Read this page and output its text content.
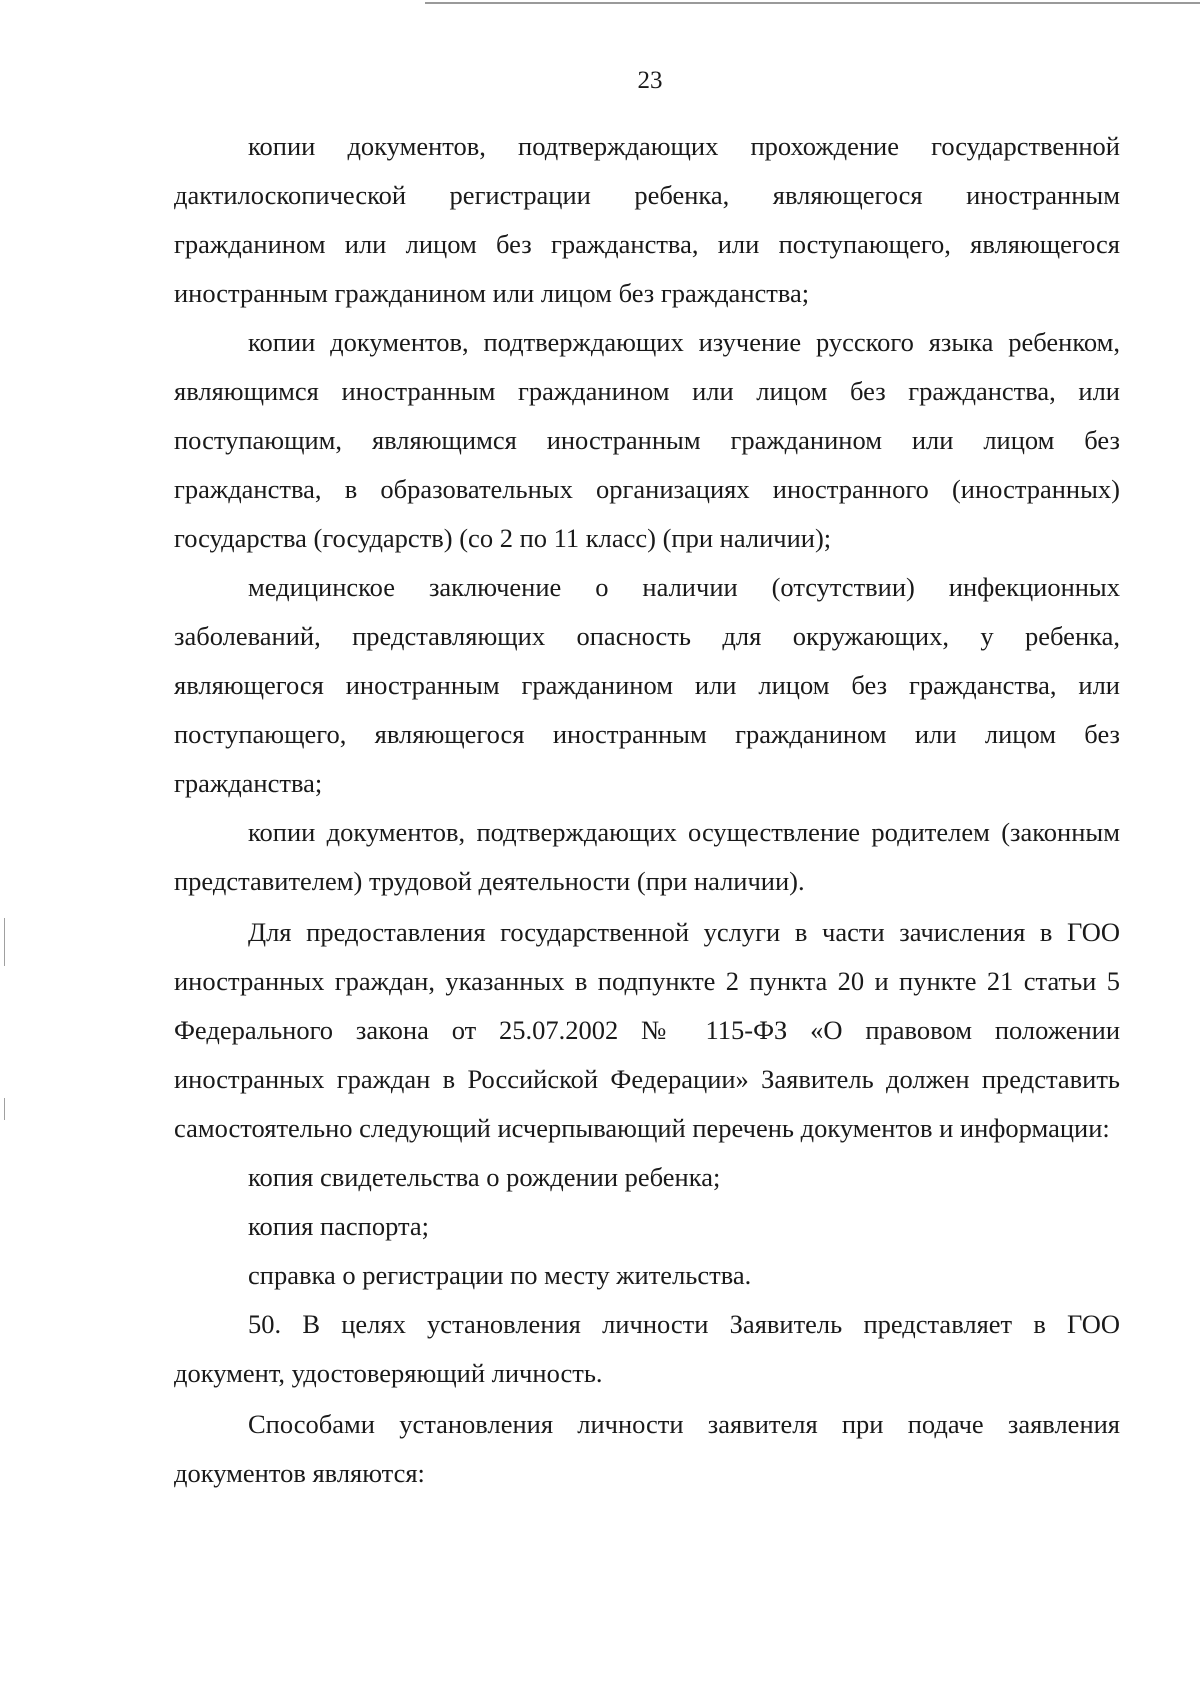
23

копии документов, подтверждающих прохождение государственной дактилоскопической регистрации ребенка, являющегося иностранным гражданином или лицом без гражданства, или поступающего, являющегося иностранным гражданином или лицом без гражданства;

копии документов, подтверждающих изучение русского языка ребенком, являющимся иностранным гражданином или лицом без гражданства, или поступающим, являющимся иностранным гражданином или лицом без гражданства, в образовательных организациях иностранного (иностранных) государства (государств) (со 2 по 11 класс) (при наличии);

медицинское заключение о наличии (отсутствии) инфекционных заболеваний, представляющих опасность для окружающих, у ребенка, являющегося иностранным гражданином или лицом без гражданства, или поступающего, являющегося иностранным гражданином или лицом без гражданства;

копии документов, подтверждающих осуществление родителем (законным представителем) трудовой деятельности (при наличии).

Для предоставления государственной услуги в части зачисления в ГОО иностранных граждан, указанных в подпункте 2 пункта 20 и пункте 21 статьи 5 Федерального закона от 25.07.2002 № 115-ФЗ «О правовом положении иностранных граждан в Российской Федерации» Заявитель должен представить самостоятельно следующий исчерпывающий перечень документов и информации:

копия свидетельства о рождении ребенка;

копия паспорта;

справка о регистрации по месту жительства.

50. В целях установления личности Заявитель представляет в ГОО документ, удостоверяющий личность.

Способами установления личности заявителя при подаче заявления документов являются:
